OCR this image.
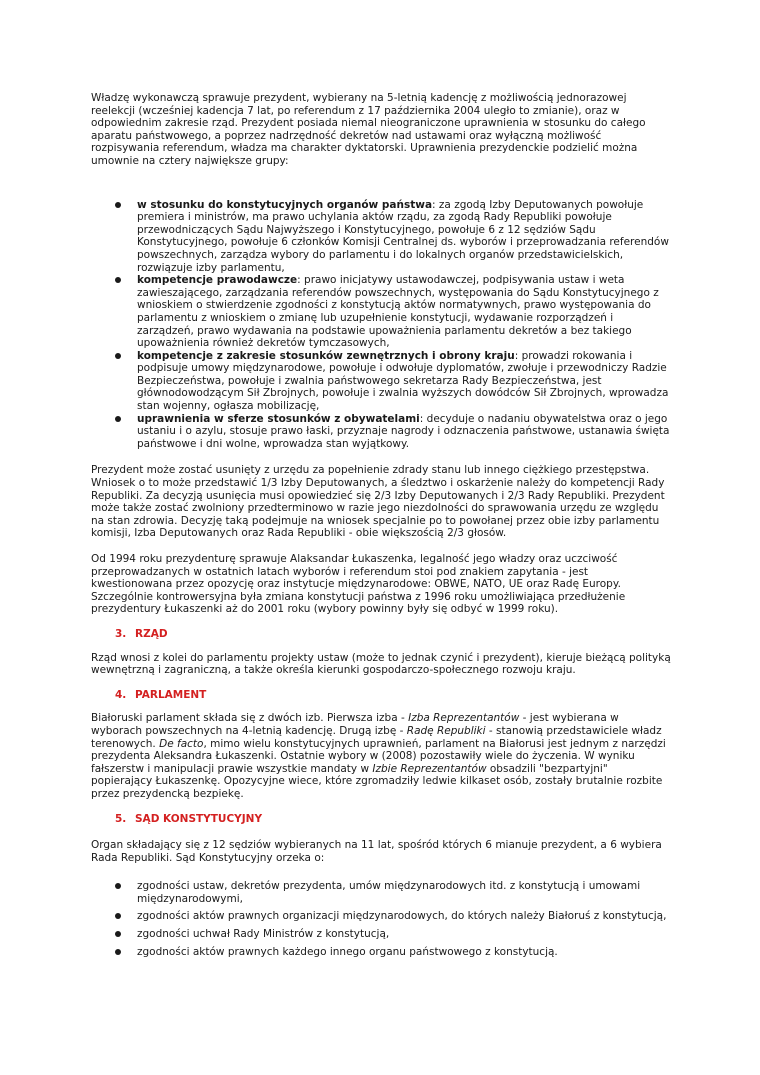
Władzę wykonawczą sprawuje prezydent, wybierany na 5-letnią kadencję z możliwością jednorazowej reelekcji (wcześniej kadencja 7 lat, po referendum z 17 października 2004 uległo to zmianie), oraz w odpowiednim zakresie rząd. Prezydent posiada niemal nieograniczone uprawnienia w stosunku do całego aparatu państwowego, a poprzez nadrzędność dekretów nad ustawami oraz wyłączną możliwość rozpisywania referendum, władza ma charakter dyktatorski. Uprawnienia prezydenckie podzielić można umownie na cztery największe grupy:

w stosunku do konstytucyjnych organów państwa: za zgodą Izby Deputowanych powołuje premiera i ministrów, ma prawo uchylania aktów rządu, za zgodą Rady Republiki powołuje przewodniczących Sądu Najwyższego i Konstytucyjnego, powołuje 6 z 12 sędziów Sądu Konstytucyjnego, powołuje 6 członków Komisji Centralnej ds. wyborów i przeprowadzania referendów powszechnych, zarządza wybory do parlamentu i do lokalnych organów przedstawicielskich, rozwiązuje izby parlamentu,
kompetencje prawodawcze: prawo inicjatywy ustawodawczej, podpisywania ustaw i weta zawieszającego, zarządzania referendów powszechnych, występowania do Sądu Konstytucyjnego z wnioskiem o stwierdzenie zgodności z konstytucją aktów normatywnych, prawo występowania do parlamentu z wnioskiem o zmianę lub uzupełnienie konstytucji, wydawanie rozporządzeń i zarządzeń, prawo wydawania na podstawie upoważnienia parlamentu dekretów a bez takiego upoważnienia również dekretów tymczasowych,
kompetencje z zakresie stosunków zewnętrznych i obrony kraju: prowadzi rokowania i podpisuje umowy międzynarodowe, powołuje i odwołuje dyplomatów, zwołuje i przewodniczy Radzie Bezpieczeństwa, powołuje i zwalnia państwowego sekretarza Rady Bezpieczeństwa, jest głównodowodzącym Sił Zbrojnych, powołuje i zwalnia wyższych dowódców Sił Zbrojnych, wprowadza stan wojenny, ogłasza mobilizację,
uprawnienia w sferze stosunków z obywatelami: decyduje o nadaniu obywatelstwa oraz o jego ustaniu i o azylu, stosuje prawo łaski, przyznaje nagrody i odznaczenia państwowe, ustanawia święta państwowe i dni wolne, wprowadza stan wyjątkowy.

Prezydent może zostać usunięty z urzędu za popełnienie zdrady stanu lub innego ciężkiego przestępstwa. Wniosek o to może przedstawić 1/3 Izby Deputowanych, a śledztwo i oskarżenie należy do kompetencji Rady Republiki. Za decyzją usunięcia musi opowiedzieć się 2/3 Izby Deputowanych i 2/3 Rady Republiki. Prezydent może także zostać zwolniony przedterminowo w razie jego niezdolności do sprawowania urzędu ze względu na stan zdrowia. Decyzję taką podejmuje na wniosek specjalnie po to powołanej przez obie izby parlamentu komisji, Izba Deputowanych oraz Rada Republiki - obie większością 2/3 głosów.

Od 1994 roku prezydenturę sprawuje Alaksandar Łukaszenka, legalność jego władzy oraz uczciwość przeprowadzanych w ostatnich latach wyborów i referendum stoi pod znakiem zapytania - jest kwestionowana przez opozycję oraz instytucje międzynarodowe: OBWE, NATO, UE oraz Radę Europy. Szczególnie kontrowersyjna była zmiana konstytucji państwa z 1996 roku umożliwiająca przedłużenie prezydentury Łukaszenki aż do 2001 roku (wybory powinny były się odbyć w 1999 roku).

3. RZĄD

Rząd wnosi z kolei do parlamentu projekty ustaw (może to jednak czynić i prezydent), kieruje bieżącą polityką wewnętrzną i zagraniczną, a także określa kierunki gospodarczo-społecznego rozwoju kraju.

4. PARLAMENT

Białoruski parlament składa się z dwóch izb. Pierwsza izba - Izba Reprezentantów - jest wybierana w wyborach powszechnych na 4-letnią kadencję. Drugą izbę - Radę Republiki - stanowią przedstawiciele władz terenowych. De facto, mimo wielu konstytucyjnych uprawnień, parlament na Białorusi jest jednym z narzędzi prezydenta Aleksandra Łukaszenki. Ostatnie wybory w (2008) pozostawiły wiele do życzenia. W wyniku fałszerstw i manipulacji prawie wszystkie mandaty w Izbie Reprezentantów obsadzili "bezpartyjni" popierający Łukaszenkę. Opozycyjne wiece, które zgromadziły ledwie kilkaset osób, zostały brutalnie rozbite przez prezydencką bezpiekę.

5. SĄD KONSTYTUCYJNY

Organ składający się z 12 sędziów wybieranych na 11 lat, spośród których 6 mianuje prezydent, a 6 wybiera Rada Republiki. Sąd Konstytucyjny orzeka o:

zgodności ustaw, dekretów prezydenta, umów międzynarodowych itd. z konstytucją i umowami międzynarodowymi,
zgodności aktów prawnych organizacji międzynarodowych, do których należy Białoruś z konstytucją,
zgodności uchwał Rady Ministrów z konstytucją,
zgodności aktów prawnych każdego innego organu państwowego z konstytucją.
